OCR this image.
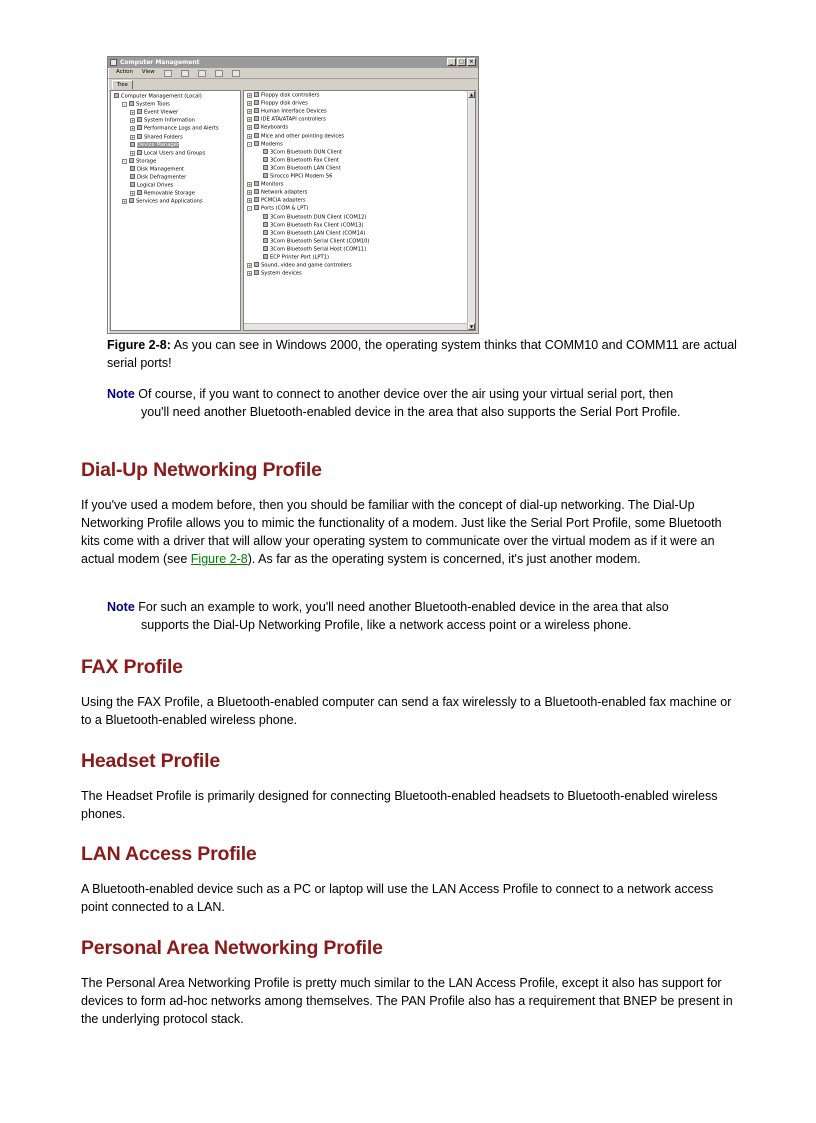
Computer Management	_	□	×
Action View
Tree
Computer Management (Local)
- System Tools
+ Event Viewer
+ System Information
+ Performance Logs and Alerts
+ Shared Folders
Device Manager
+ Local Users and Groups
- Storage
Disk Management
Disk Defragmenter
Logical Drives
+ Removable Storage
+ Services and Applications
▲
▼
+ Floppy disk controllers
+ Floppy disk drives
+ Human Interface Devices
+ IDE ATA/ATAPI controllers
+ Keyboards
+ Mice and other pointing devices
- Modems
3Com Bluetooth DUN Client
3Com Bluetooth Fax Client
3Com Bluetooth LAN Client
Sirocco PIPCI Modem 56
+ Monitors
+ Network adapters
+ PCMCIA adapters
- Ports (COM & LPT)
3Com Bluetooth DUN Client (COM12)
3Com Bluetooth Fax Client (COM13)
3Com Bluetooth LAN Client (COM14)
3Com Bluetooth Serial Client (COM10)
3Com Bluetooth Serial Host (COM11)
ECP Printer Port (LPT1)
+ Sound, video and game controllers
+ System devices
Figure 2-8: As you can see in Windows 2000, the operating system thinks that COMM10 and COMM11 are actual serial ports!
Note Of course, if you want to connect to another device over the air using your virtual serial port, then
you'll need another Bluetooth-enabled device in the area that also supports the Serial Port Profile.
Dial-Up Networking Profile

If you've used a modem before, then you should be familiar with the concept of dial-up networking. The Dial-Up Networking Profile allows you to mimic the functionality of a modem. Just like the Serial Port Profile, some Bluetooth kits come with a driver that will allow your operating system to communicate over the virtual modem as if it were an actual modem (see Figure 2-8). As far as the operating system is concerned, it's just another modem.

Note For such an example to work, you'll need another Bluetooth-enabled device in the area that also
supports the Dial-Up Networking Profile, like a network access point or a wireless phone.
FAX Profile

Using the FAX Profile, a Bluetooth-enabled computer can send a fax wirelessly to a Bluetooth-enabled fax machine or to a Bluetooth-enabled wireless phone.

Headset Profile

The Headset Profile is primarily designed for connecting Bluetooth-enabled headsets to Bluetooth-enabled wireless phones.

LAN Access Profile

A Bluetooth-enabled device such as a PC or laptop will use the LAN Access Profile to connect to a network access point connected to a LAN.

Personal Area Networking Profile

The Personal Area Networking Profile is pretty much similar to the LAN Access Profile, except it also has support for devices to form ad-hoc networks among themselves. The PAN Profile also has a requirement that BNEP be present in the underlying protocol stack.
